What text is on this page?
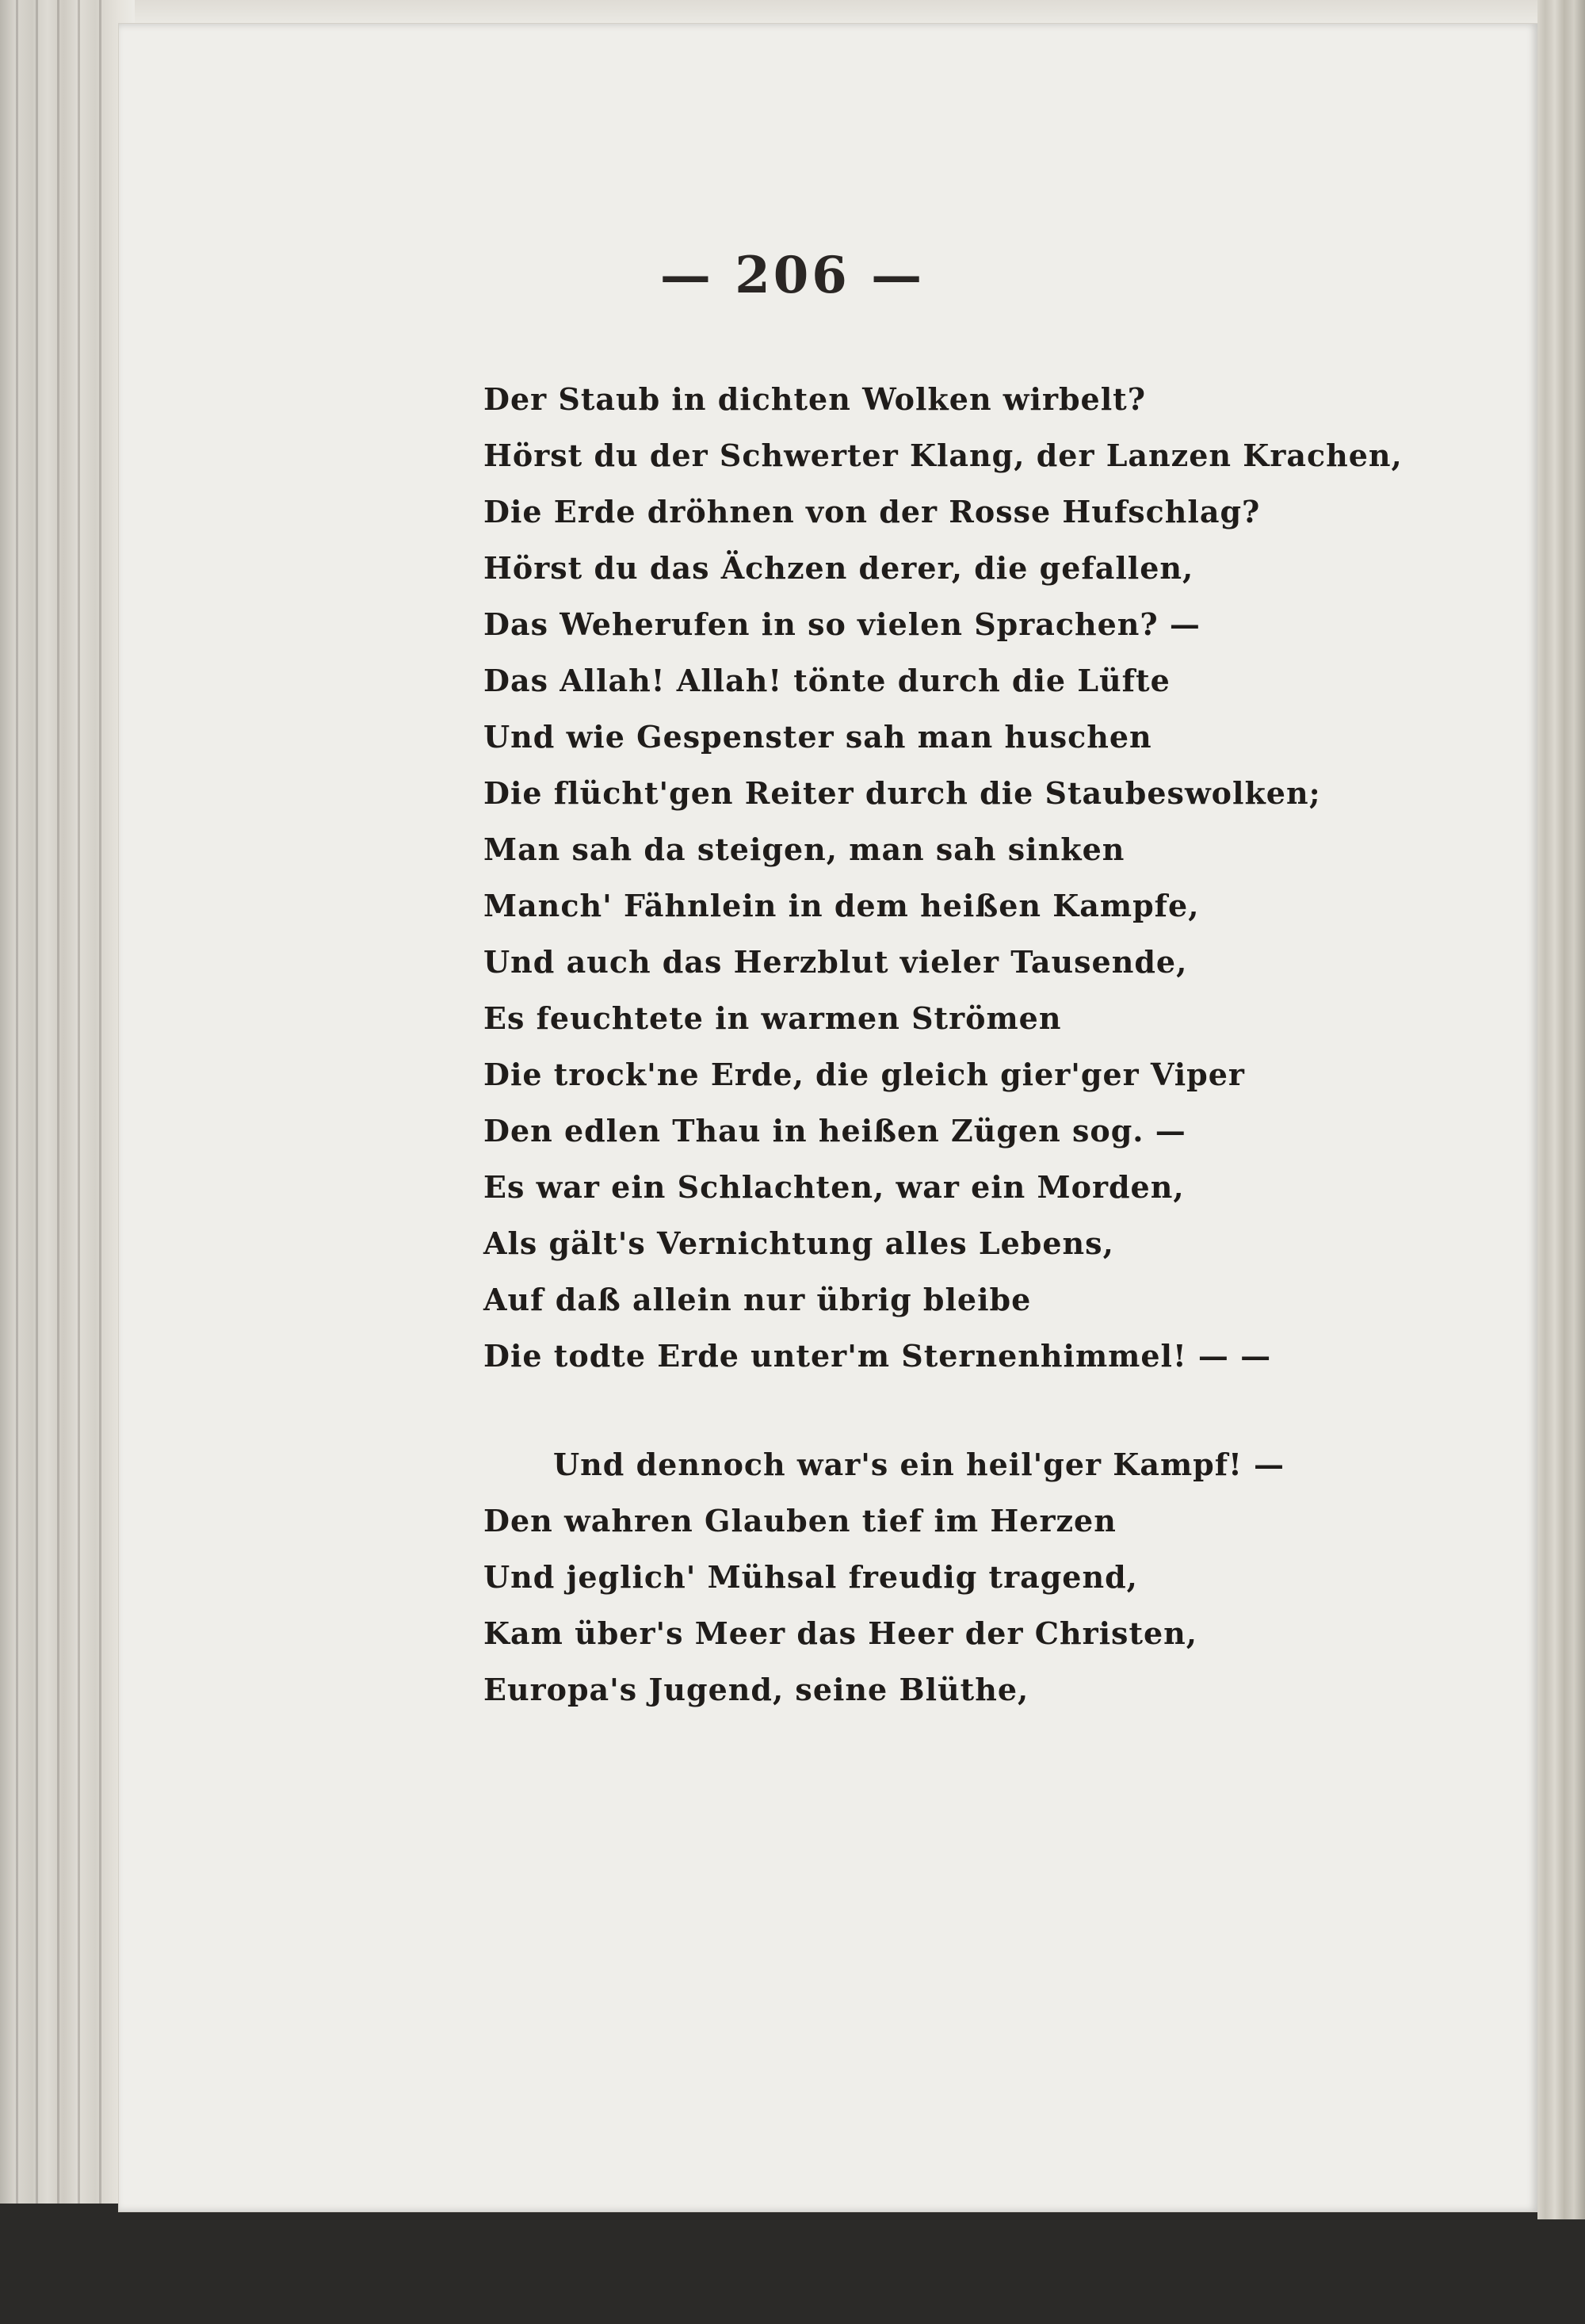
— 206 —
Der Staub in dichten Wolken wirbelt?
Hörst du der Schwerter Klang, der Lanzen Krachen,
Die Erde dröhnen von der Rosse Hufschlag?
Hörst du das Ächzen derer, die gefallen,
Das Weherufen in so vielen Sprachen? —
Das Allah! Allah! tönte durch die Lüfte
Und wie Gespenster sah man huschen
Die flücht'gen Reiter durch die Staubeswolken;
Man sah da steigen, man sah sinken
Manch' Fähnlein in dem heißen Kampfe,
Und auch das Herzblut vieler Tausende,
Es feuchtete in warmen Strömen
Die trock'ne Erde, die gleich gier'ger Viper
Den edlen Thau in heißen Zügen sog. —
Es war ein Schlachten, war ein Morden,
Als gält's Vernichtung alles Lebens,
Auf daß allein nur übrig bleibe
Die todte Erde unter'm Sternenhimmel! — —
Und dennoch war's ein heil'ger Kampf! —
Den wahren Glauben tief im Herzen
Und jeglich' Mühsal freudig tragend,
Kam über's Meer das Heer der Christen,
Europa's Jugend, seine Blüthe,
